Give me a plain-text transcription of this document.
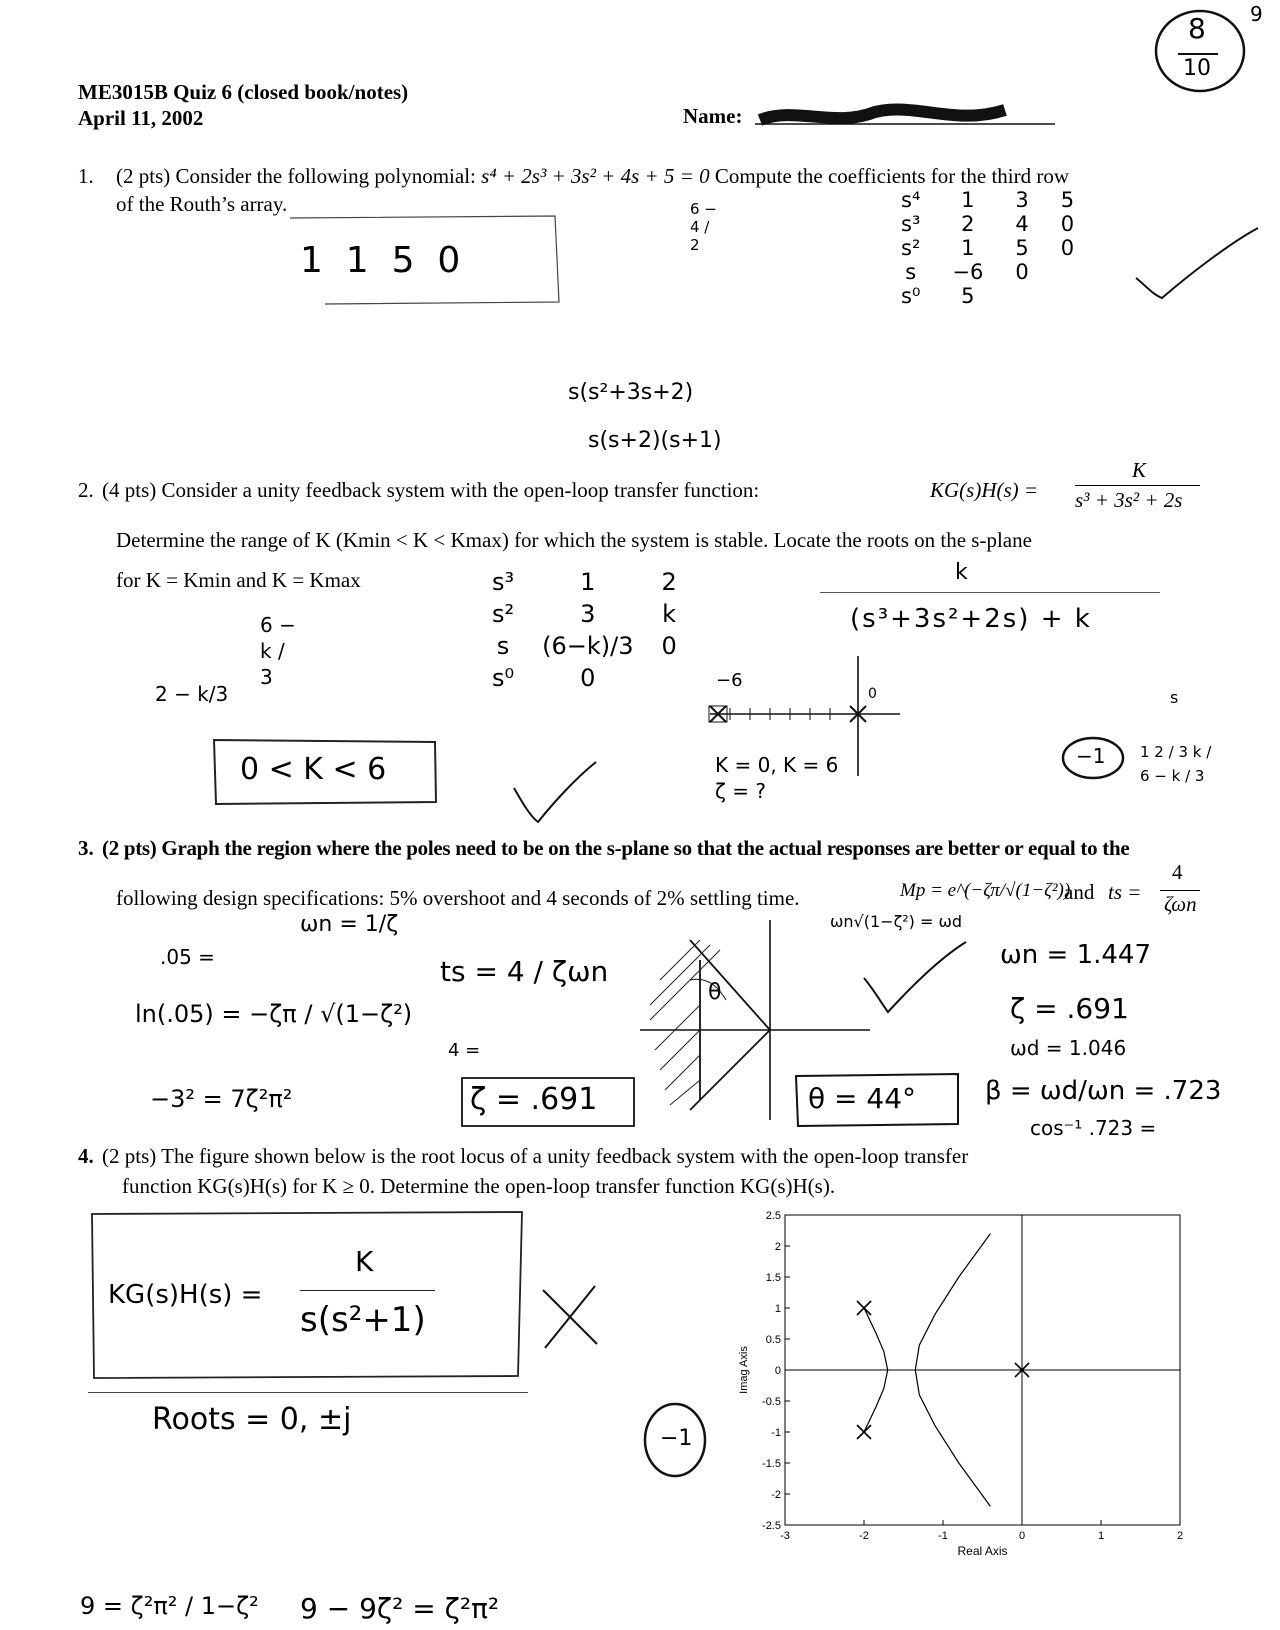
9
8
10
ME3015B Quiz 6 (closed book/notes)
April 11, 2002	Name:
1. (2 pts) Consider the following polynomial: s⁴ + 2s³ + 3s² + 4s + 5 = 0 Compute the coefficients for the third row
of the Routh’s array.
1  1  5  0
6 − 4 / 2
s⁴	1	3	5
s³	2	4	0
s²	1	5	0
s	−6	0	
s⁰	5		
s(s²+3s+2)
s(s+2)(s+1)
2. (4 pts) Consider a unity feedback system with the open-loop transfer function:	KG(s)H(s) =
K
s³ + 3s² + 2s
Determine the range of K (Kmin < K < Kmax) for which the system is stable. Locate the roots on the s-plane
for K = Kmin and K = Kmax
6 − k / 3
2 − k/3
s³	1	2
s²	3	k
s	(6−k)/3	0
s⁰	0	
0 < K < 6
(s³+3s²+2s) + k
k
−6
0
K = 0, K = 6 ζ = ?
−1
s
1 2 / 3 k / 6 − k / 3
3. (2 pts) Graph the region where the poles need to be on the s-plane so that the actual responses are better or equal to the
following design specifications: 5% overshoot and 4 seconds of 2% settling time.	Mp = e^(−ζπ/√(1−ζ²))
and ts =
4
ζωn
.05 =
ln(.05) = −ζπ / √(1−ζ²)
−3² = 7ζ²π²
ωn = 1/ζ
ts = 4 / ζωn
4 =
ζ = .691
θ
θ = 44°
ωn√(1−ζ²) = ωd
ωn = 1.447
ζ = .691
ωd = 1.046
β = ωd/ωn = .723
cos⁻¹ .723 =
4. (2 pts) The figure shown below is the root locus of a unity feedback system with the open-loop transfer
function KG(s)H(s) for K ≥ 0. Determine the open-loop transfer function KG(s)H(s).
KG(s)H(s) =
K
s(s²+1)
Roots = 0, ±j
−1
9 = ζ²π² / 1−ζ² 9 − 9ζ² = ζ²π²
-3	-2	-1	0	1	2
2.5
2
1.5
1
0.5
0
-0.5
-1
-1.5
-2
-2.5
Real Axis
Imag Axis
